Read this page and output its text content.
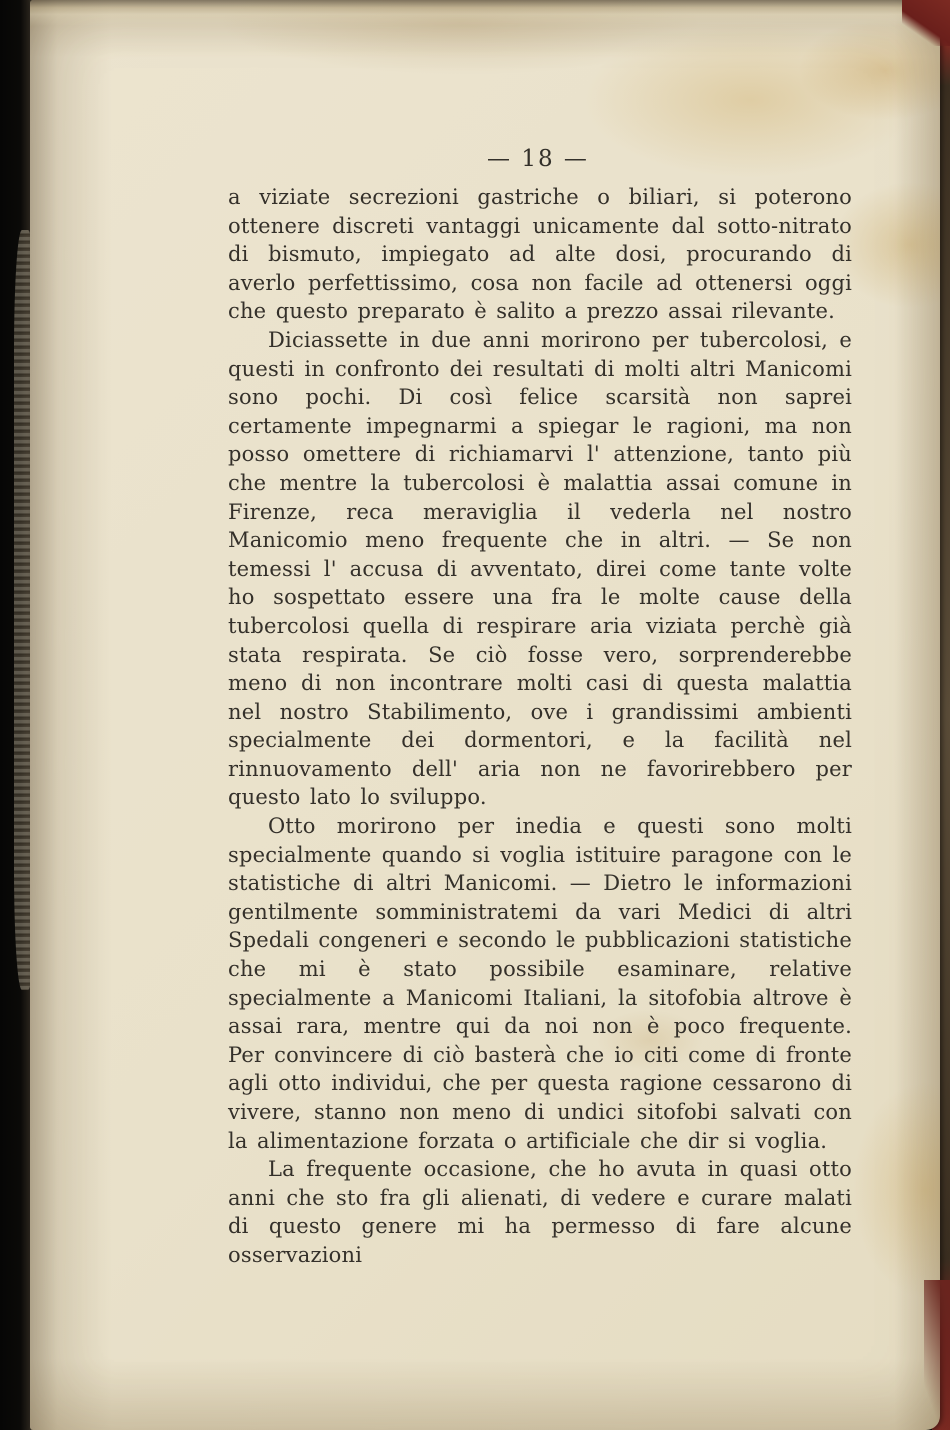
— 18 —

a viziate secrezioni gastriche o biliari, si poterono ottenere discreti vantaggi unicamente dal sotto-nitrato di bismuto, impiegato ad alte dosi, procurando di averlo perfettissimo, cosa non facile ad ottenersi oggi che questo preparato è salito a prezzo assai rilevante.

Diciassette in due anni morirono per tubercolosi, e questi in confronto dei resultati di molti altri Manicomi sono pochi. Di così felice scarsità non saprei certamente impegnarmi a spiegar le ragioni, ma non posso omettere di richiamarvi l' attenzione, tanto più che mentre la tubercolosi è malattia assai comune in Firenze, reca meraviglia il vederla nel nostro Manicomio meno frequente che in altri. — Se non temessi l' accusa di avventato, direi come tante volte ho sospettato essere una fra le molte cause della tubercolosi quella di respirare aria viziata perchè già stata respirata. Se ciò fosse vero, sorprenderebbe meno di non incontrare molti casi di questa malattia nel nostro Stabilimento, ove i grandissimi ambienti specialmente dei dormentori, e la facilità nel rinnuovamento dell' aria non ne favorirebbero per questo lato lo sviluppo.

Otto morirono per inedia e questi sono molti specialmente quando si voglia istituire paragone con le statistiche di altri Manicomi. — Dietro le informazioni gentilmente somministratemi da vari Medici di altri Spedali congeneri e secondo le pubblicazioni statistiche che mi è stato possibile esaminare, relative specialmente a Manicomi Italiani, la sitofobia altrove è assai rara, mentre qui da noi non è poco frequente. Per convincere di ciò basterà che io citi come di fronte agli otto individui, che per questa ragione cessarono di vivere, stanno non meno di undici sitofobi salvati con la alimentazione forzata o artificiale che dir si voglia.

La frequente occasione, che ho avuta in quasi otto anni che sto fra gli alienati, di vedere e curare malati di questo genere mi ha permesso di fare alcune osservazioni
